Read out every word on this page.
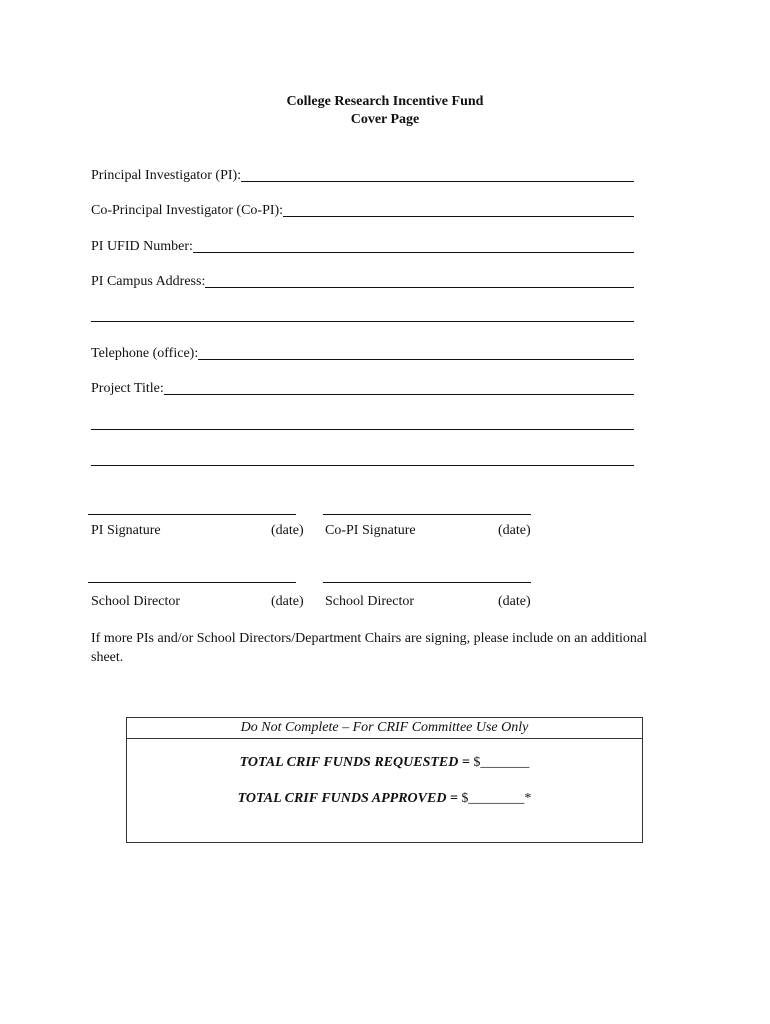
College Research Incentive Fund
Cover Page
Principal Investigator (PI):
Co-Principal Investigator (Co-PI):
PI UFID Number:
PI Campus Address:
Telephone (office):
Project Title:
PI Signature	(date) Co-PI Signature	(date)
School Director	(date) School Director	(date)
If more PIs and/or School Directors/Department Chairs are signing, please include on an additional sheet.
Do Not Complete – For CRIF Committee Use Only
TOTAL CRIF FUNDS REQUESTED = $_______
TOTAL CRIF FUNDS APPROVED = $________*
